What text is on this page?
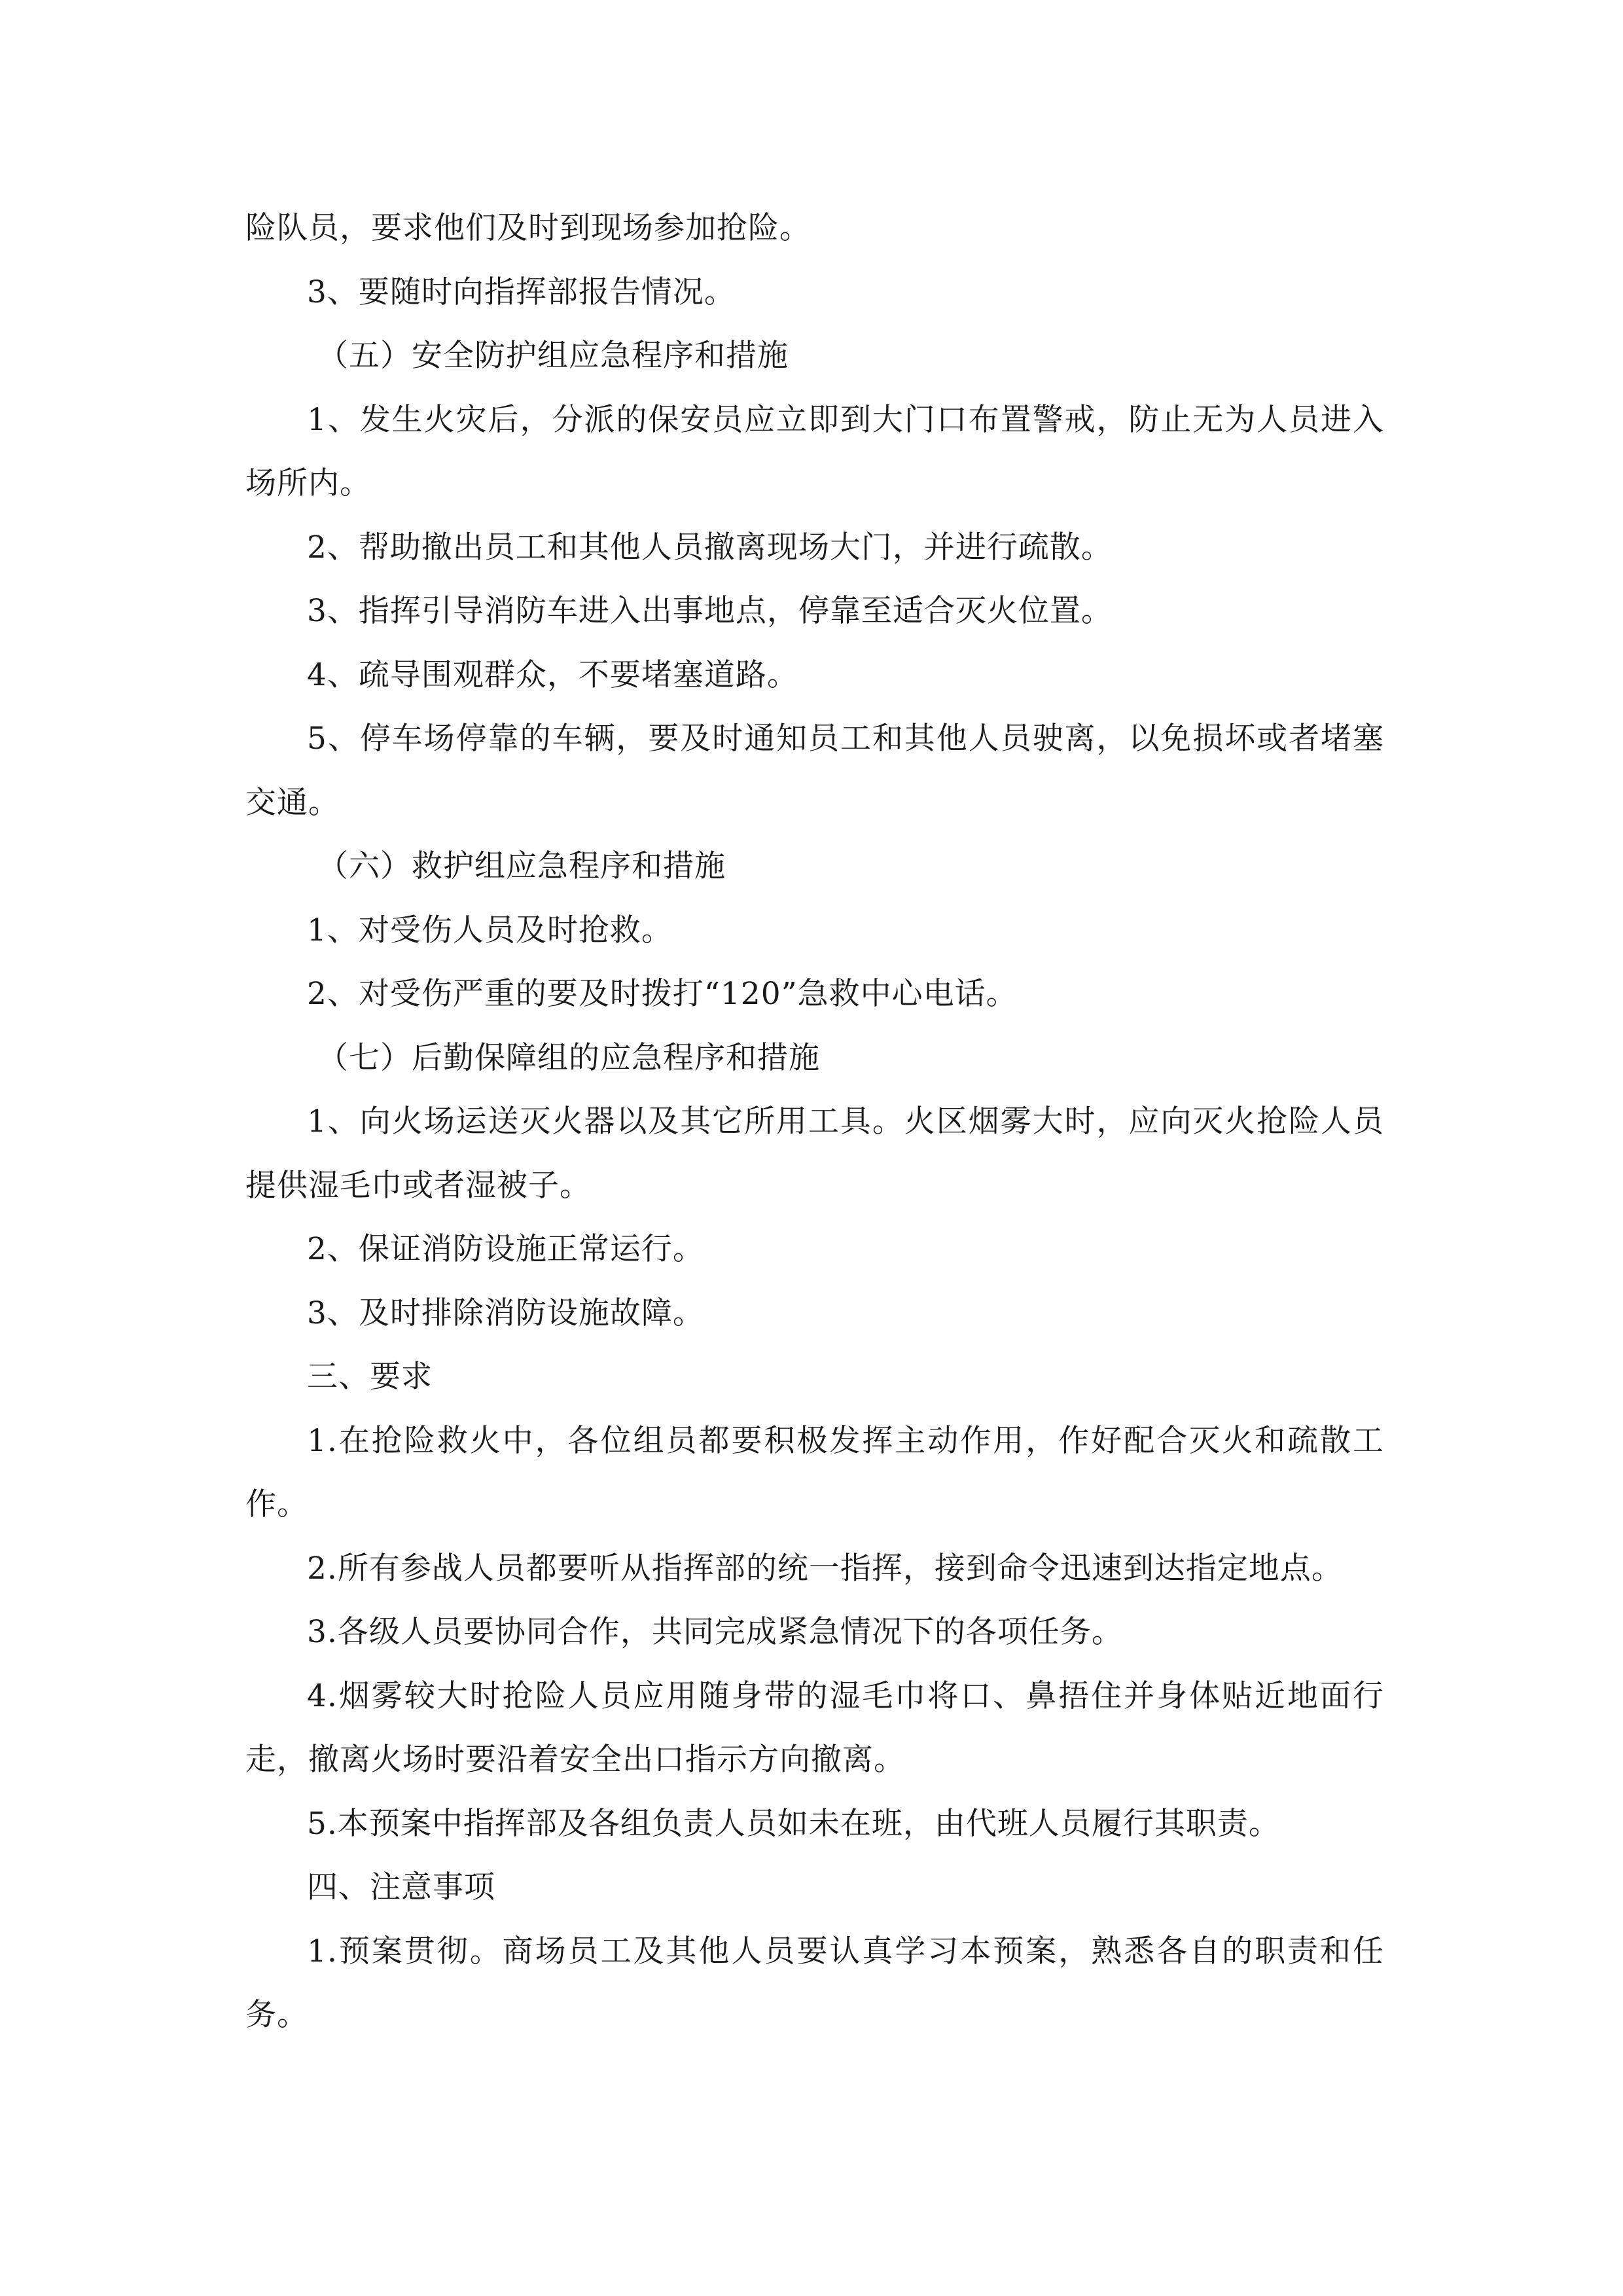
险队员，要求他们及时到现场参加抢险。

3、要随时向指挥部报告情况。

（五）安全防护组应急程序和措施

1、发生火灾后，分派的保安员应立即到大门口布置警戒，防止无为人员进入场所内。

2、帮助撤出员工和其他人员撤离现场大门，并进行疏散。

3、指挥引导消防车进入出事地点，停靠至适合灭火位置。

4、疏导围观群众，不要堵塞道路。

5、停车场停靠的车辆，要及时通知员工和其他人员驶离，以免损坏或者堵塞交通。

（六）救护组应急程序和措施

1、对受伤人员及时抢救。

2、对受伤严重的要及时拨打“120”急救中心电话。

（七）后勤保障组的应急程序和措施

1、向火场运送灭火器以及其它所用工具。火区烟雾大时，应向灭火抢险人员提供湿毛巾或者湿被子。

2、保证消防设施正常运行。

3、及时排除消防设施故障。

三、要求

1.在抢险救火中，各位组员都要积极发挥主动作用，作好配合灭火和疏散工作。

2.所有参战人员都要听从指挥部的统一指挥，接到命令迅速到达指定地点。

3.各级人员要协同合作，共同完成紧急情况下的各项任务。

4.烟雾较大时抢险人员应用随身带的湿毛巾将口、鼻捂住并身体贴近地面行走，撤离火场时要沿着安全出口指示方向撤离。

5.本预案中指挥部及各组负责人员如未在班，由代班人员履行其职责。

四、注意事项

1.预案贯彻。商场员工及其他人员要认真学习本预案，熟悉各自的职责和任务。
